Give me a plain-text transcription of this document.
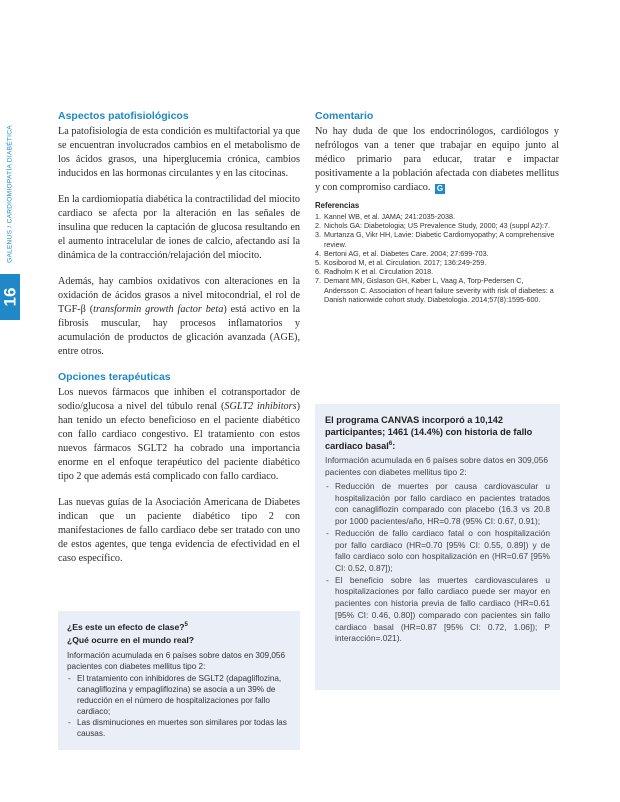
GALENUS / CARDIOMIOPATÍA DIABÉTICA
16
Aspectos patofisiológicos

La patofisiología de esta condición es multifactorial ya que se encuentran involucrados cambios en el metabolismo de los ácidos grasos, una hiperglucemia crónica, cambios inducidos en las hormonas circulantes y en las citocinas.

En la cardiomiopatía diabética la contractilidad del miocito cardiaco se afecta por la alteración en las señales de insulina que reducen la captación de glucosa resultando en el aumento intracelular de iones de calcio, afectando así la dinámica de la contracción/relajación del miocito.

Además, hay cambios oxidativos con alteraciones en la oxidación de ácidos grasos a nivel mitocondrial, el rol de TGF-β (transformin growth factor beta) está activo en la fibrosis muscular, hay procesos inflamatorios y acumulación de productos de glicación avanzada (AGE), entre otros.

Opciones terapéuticas

Los nuevos fármacos que inhiben el cotransportador de sodio/glucosa a nivel del túbulo renal (SGLT2 inhibitors) han tenido un efecto beneficioso en el paciente diabético con fallo cardiaco congestivo. El tratamiento con estos nuevos fármacos SGLT2 ha cobrado una importancia enorme en el enfoque terapéutico del paciente diabético tipo 2 que además está complicado con fallo cardiaco.

Las nuevas guías de la Asociación Americana de Diabetes indican que un paciente diabético tipo 2 con manifestaciones de fallo cardiaco debe ser tratado con uno de estos agentes, que tenga evidencia de efectividad en el caso específico.

¿Es este un efecto de clase?$^5$
¿Qué ocurre en el mundo real?
Información acumulada en 6 países sobre datos en 309,056 pacientes con diabetes mellitus tipo 2:
- El tratamiento con inhibidores de SGLT2 (dapagliflozina, canagliflozina y empagliflozina) se asocia a un 39% de reducción en el número de hospitalizaciones por fallo cardiaco;
- Las disminuciones en muertes son similares por todas las causas.
Comentario

No hay duda de que los endocrinólogos, cardiólogos y nefrólogos van a tener que trabajar en equipo junto al médico primario para educar, tratar e impactar positivamente a la población afectada con diabetes mellitus y con compromiso cardiaco. G

Referencias
1. Kannel WB, et al. JAMA; 241:2035-2038.
2. Nichols GA: Diabetologia; US Prevalence Study, 2000; 43 (suppl A2):7.
3. Murtanza G, Vikr HH, Lavie: Diabetic Cardiomyopathy; A comprehensive review.
4. Bertoni AG, et al. Diabetes Care. 2004; 27:699-703.
5. Kosiborod M, et al. Circulation. 2017; 136:249-259.
6. Radholm K et al. Circulation 2018.
7. Demant MN, Gislason GH, Køber L, Vaag A, Torp-Pedersen C, Andersson C. Association of heart failure severity with risk of diabetes: a Danish nationwide cohort study. Diabetologia. 2014;57(8):1595-600.
El programa CANVAS incorporó a 10,142 participantes; 1461 (14.4%) con historia de fallo cardiaco basal$^6$:
Información acumulada en 6 países sobre datos en 309,056 pacientes con diabetes mellitus tipo 2:
- Reducción de muertes por causa cardiovascular u hospitalización por fallo cardiaco en pacientes tratados con canagliflozin comparado con placebo (16.3 vs 20.8 por 1000 pacientes/año, HR=0.78 (95% CI: 0.67, 0.91);
- Reducción de fallo cardiaco fatal o con hospitalización por fallo cardiaco (HR=0.70 [95% CI: 0.55, 0.89]) y de fallo cardiaco solo con hospitalización en (HR=0.67 [95% CI: 0.52, 0.87]);
- El beneficio sobre las muertes cardiovasculares u hospitalizaciones por fallo cardiaco puede ser mayor en pacientes con historia previa de fallo cardiaco (HR=0.61 [95% CI: 0.46, 0.80]) comparado con pacientes sin fallo cardiaco basal (HR=0.87 [95% CI: 0.72, 1.06]); P interacción=.021).
